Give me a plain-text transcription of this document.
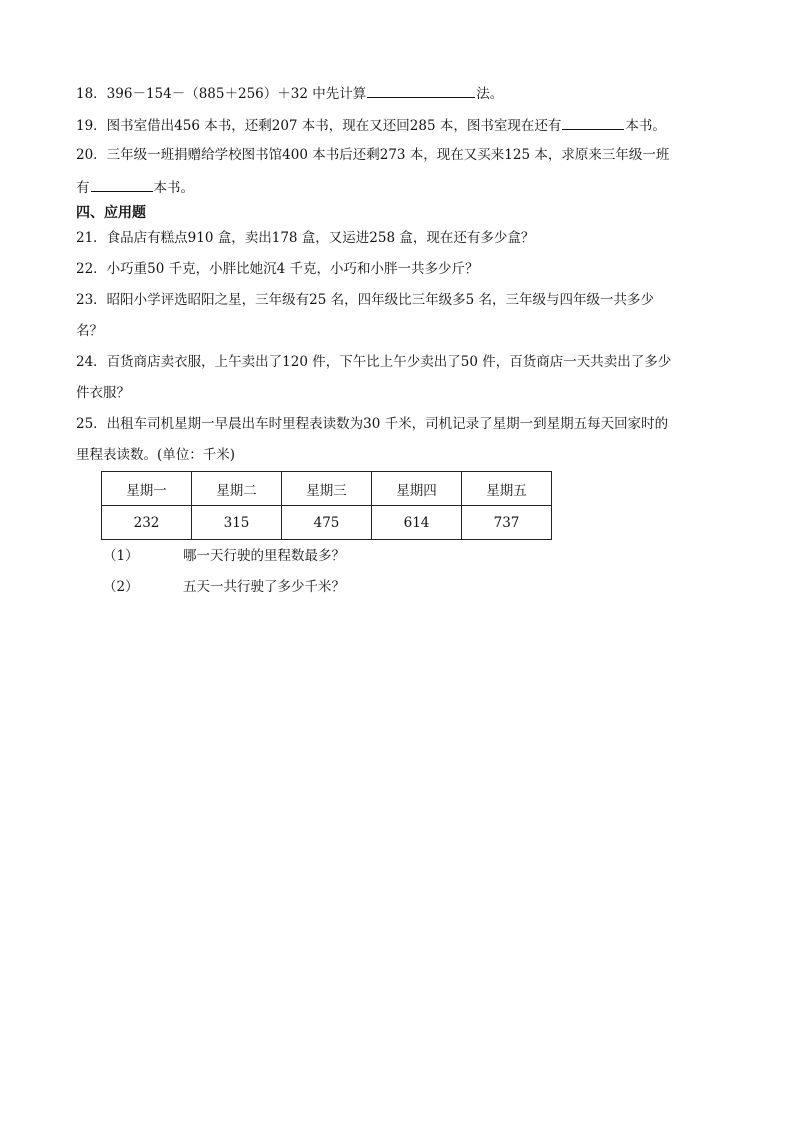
18．396－154－（885＋256）＋32 中先计算	法。
19．图书室借出456 本书，还剩207 本书，现在又还回285 本，图书室现在还有	本书。
20．三年级一班捐赠给学校图书馆400 本书后还剩273 本，现在又买来125 本，求原来三年级一班
有	本书。
四、应用题
21．食品店有糕点910 盒，卖出178 盒，又运进258 盒，现在还有多少盒？
22．小巧重50 千克，小胖比她沉4 千克，小巧和小胖一共多少斤？
23．昭阳小学评选昭阳之星，三年级有25 名，四年级比三年级多5 名，三年级与四年级一共多少
名？
24．百货商店卖衣服，上午卖出了120 件，下午比上午少卖出了50 件，百货商店一天共卖出了多少
件衣服？
25．出租车司机星期一早晨出车时里程表读数为30 千米，司机记录了星期一到星期五每天回家时的
里程表读数。(单位：千米)
星期一	星期二	星期三	星期四	星期五
232	315	475	614	737
（1）	哪一天行驶的里程数最多？
（2）	五天一共行驶了多少千米？
